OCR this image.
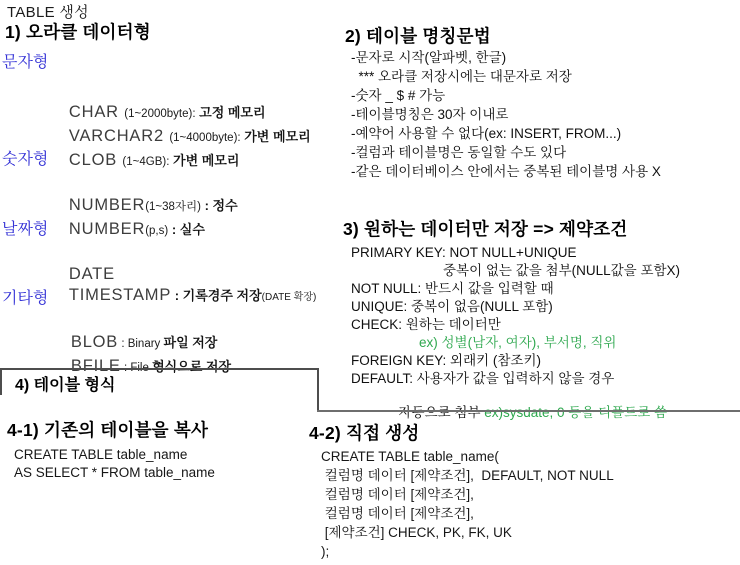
TABLE 생성
1) 오라클 데이터형
문자형

CHAR (1~2000byte): 고정 메모리

VARCHAR2 (1~4000byte): 가변 메모리

CLOB (1~4GB): 가변 메모리

숫자형

NUMBER(1~38자리) : 정수

NUMBER(p,s) : 실수

날짜형

DATE

TIMESTAMP : 기록경주 저장(DATE 확장)

기타형

BLOB : Binary 파일 저장

BFILE : File 형식으로 저장

2) 테이블 명칭문법
-문자로 시작(알파벳, 한글)
*** 오라클 저장시에는 대문자로 저장
-숫자 _ $ # 가능
-테이블명칭은 30자 이내로
-예약어 사용할 수 없다(ex: INSERT, FROM...)
-컬럼과 테이블명은 동일할 수도 있다
-같은 데이터베이스 안에서는 중복된 테이블명 사용 X
3) 원하는 데이터만 저장 => 제약조건
PRIMARY KEY: NOT NULL+UNIQUE
중복이 없는 값을 첨부(NULL값을 포함X)
NOT NULL: 반드시 값을 입력할 때
UNIQUE: 중복이 없음(NULL 포함)
CHECK: 원하는 데이터만
ex) 성별(남자, 여자), 부서명, 직위
FOREIGN KEY: 외래키 (참조키)
DEFAULT: 사용자가 값을 입력하지 않을 경우

자동으로 첨부 ex)sysdate, 0 등을 디폴트로 씀

4) 테이블 형식
4-1) 기존의 테이블을 복사
CREATE TABLE table_name
AS SELECT * FROM table_name
4-2) 직접 생성
CREATE TABLE table_name(
컬럼명 데이터 [제약조건],  DEFAULT, NOT NULL
컬럼명 데이터 [제약조건],
컬럼명 데이터 [제약조건],
[제약조건] CHECK, PK, FK, UK
);
